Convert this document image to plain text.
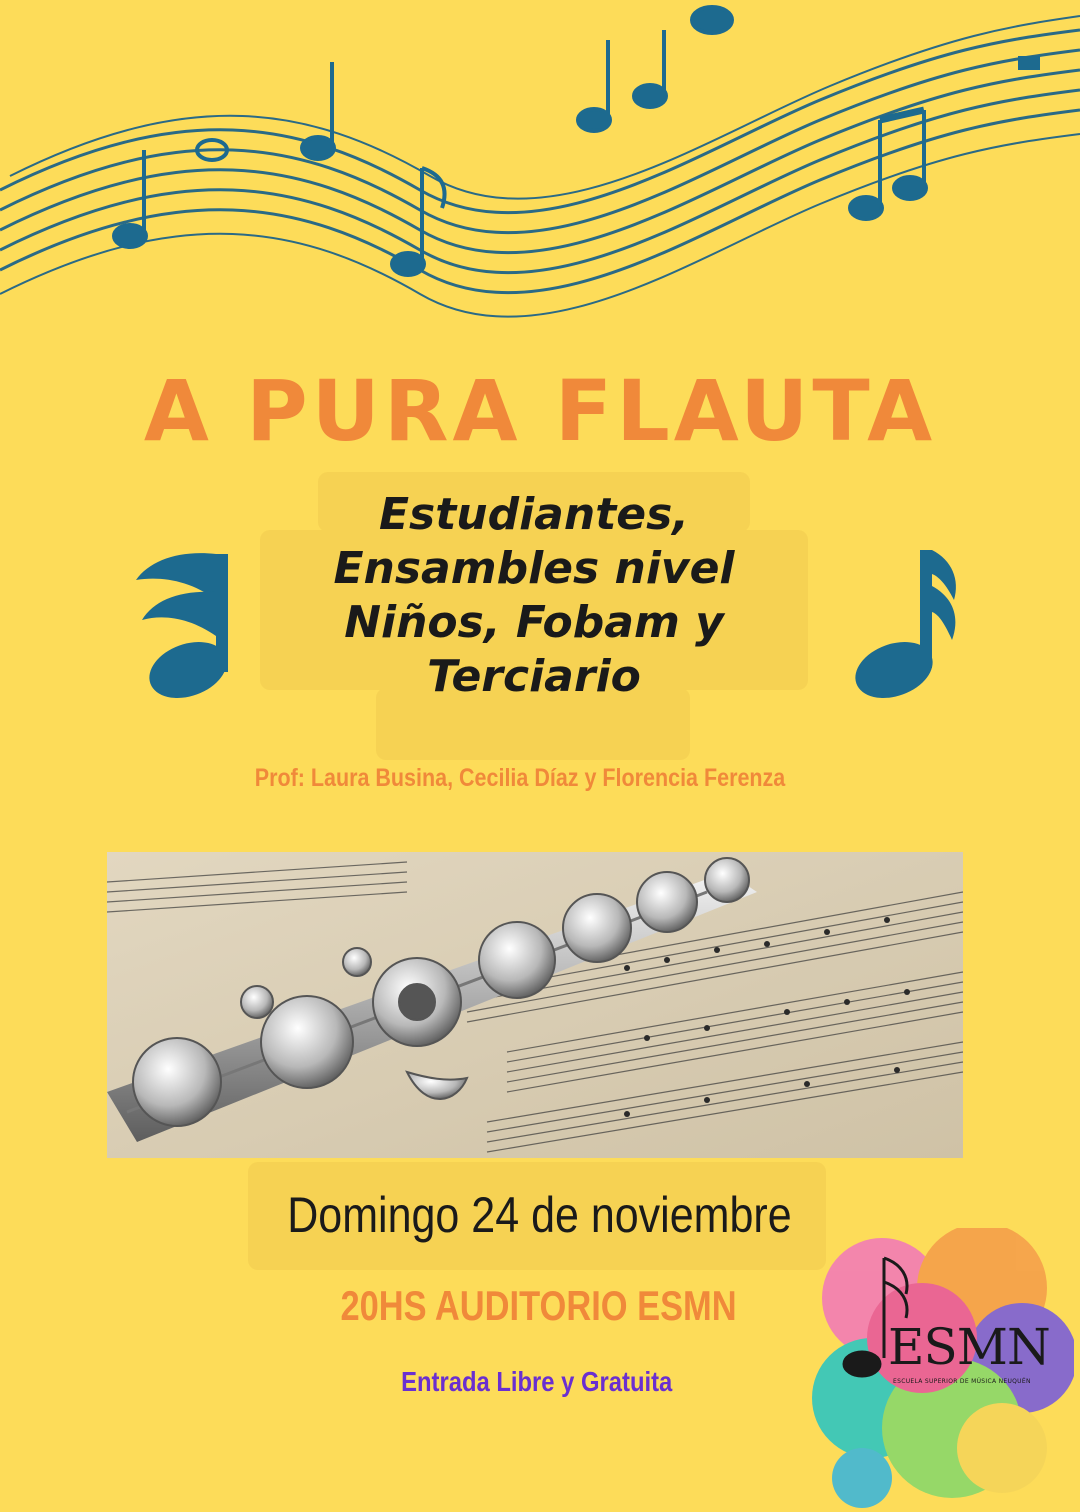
A PURA FLAUTA
Estudiantes,
Ensambles nivel
Niños, Fobam y
Terciario
Prof: Laura Busina, Cecilia Díaz y Florencia Ferenza
Domingo 24 de noviembre
20HS AUDITORIO ESMN
Entrada Libre y Gratuita
ESMN
ESCUELA SUPERIOR DE MÚSICA NEUQUÉN
